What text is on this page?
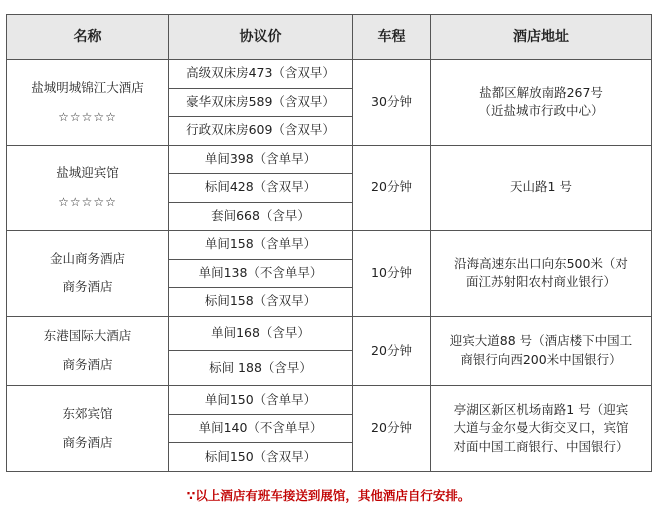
名称	协议价	车程	酒店地址

盐城明城锦江大酒店
☆☆☆☆☆	高级双床房473（含双早）	30分钟	盐都区解放南路267号
（近盐城市行政中心）

	豪华双床房589（含双早）		
	行政双床房609（含双早）		

盐城迎宾馆
☆☆☆☆☆	单间398（含单早）	20分钟	天山路1 号

	标间428（含双早）		
	套间668（含早）		

金山商务酒店
商务酒店	单间158（含单早）	10分钟	沿海高速东出口向东500米（对
面江苏射阳农村商业银行）

	单间138（不含单早）		
	标间158（含双早）		

东港国际大酒店
商务酒店	单间168（含早）	20分钟	迎宾大道88 号（酒店楼下中国工
商银行向西200米中国银行）

	标间 188（含早）		

东郊宾馆
商务酒店	单间150（含单早）	20分钟	亭湖区新区机场南路1 号（迎宾
大道与金尔曼大街交叉口，宾馆
对面中国工商银行、中国银行）

	单间140（不含单早）		
	标间150（含双早）		
∵以上酒店有班车接送到展馆，其他酒店自行安排。
